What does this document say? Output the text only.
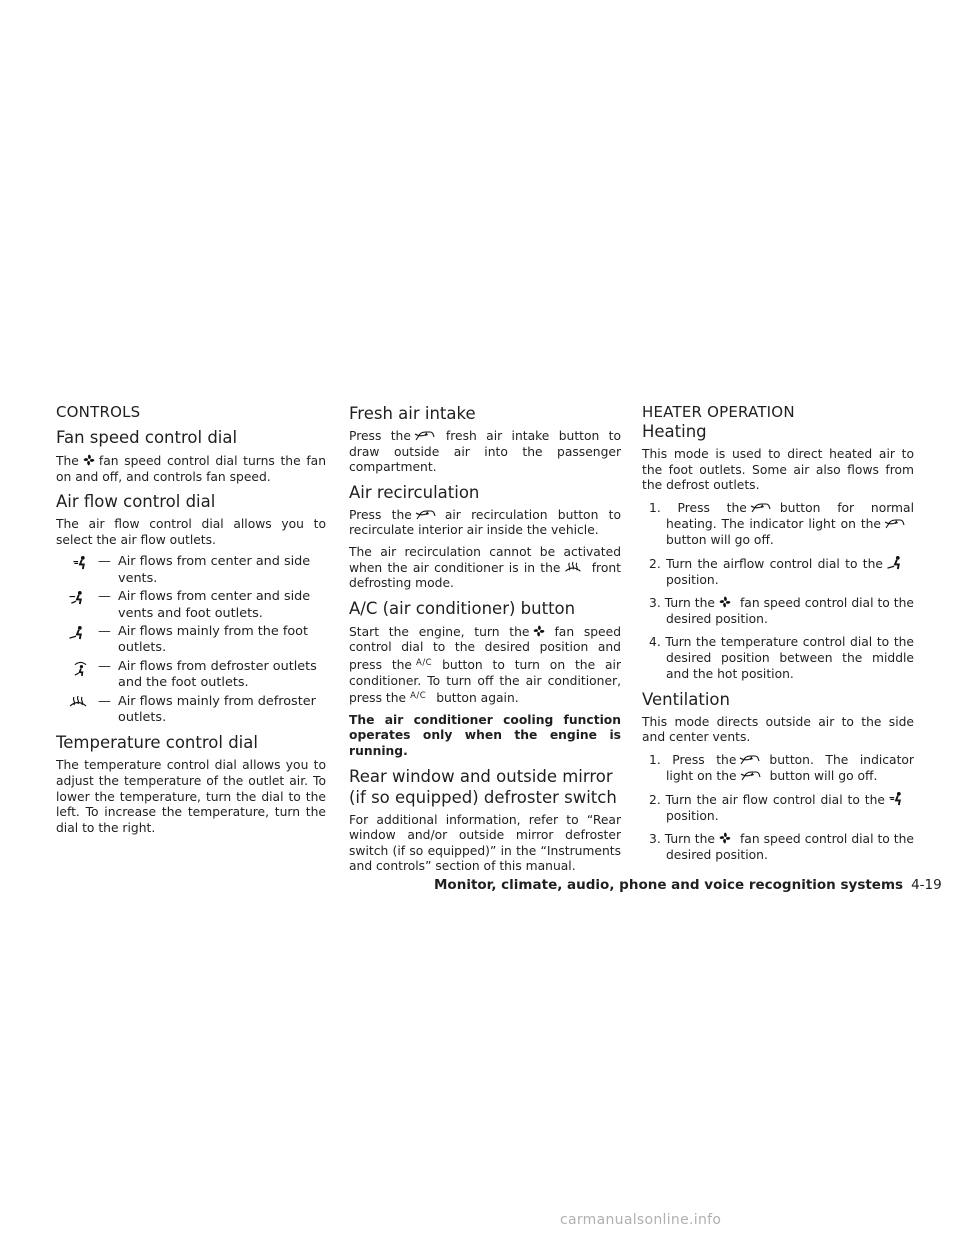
CONTROLS
Fan speed control dial

The fan speed control dial turns the fan on and off, and controls fan speed.

Air flow control dial

The air flow control dial allows you to select the air flow outlets.

— Air flows from center and side vents.
— Air flows from center and side vents and foot outlets.
— Air flows mainly from the foot outlets.
— Air flows from defroster outlets and the foot outlets.
— Air flows mainly from defroster outlets.
Temperature control dial

The temperature control dial allows you to adjust the temperature of the outlet air. To lower the temperature, turn the dial to the left. To increase the temperature, turn the dial to the right.

Fresh air intake

Press the	fresh air intake button to draw outside air into the passenger compartment.

Air recirculation

Press the	air recirculation button to recirculate interior air inside the vehicle.

The air recirculation cannot be activated when the air conditioner is in the	front defrosting mode.

A/C (air conditioner) button

Start the engine, turn the fan speed control dial to the desired position and press the A/C button to turn on the air conditioner. To turn off the air conditioner, press the A/C button again.

The air conditioner cooling function operates only when the engine is running.

Rear window and outside mirror (if so equipped) defroster switch

For additional information, refer to “Rear window and/or outside mirror defroster switch (if so equipped)” in the “Instruments and controls” section of this manual.

HEATER OPERATION
Heating

This mode is used to direct heated air to the foot outlets. Some air also flows from the defrost outlets.

1. Press the	button for normal heating. The indicator light on the
button will go off.
2. Turn the airflow control dial to the
position.
3. Turn the fan speed control dial to the desired position.
4. Turn the temperature control dial to the desired position between the middle and the hot position.
Ventilation

This mode directs outside air to the side and center vents.

1. Press the	button. The indicator light on the	button will go off.
2. Turn the air flow control dial to the
position.
3. Turn the fan speed control dial to the desired position.
Monitor, climate, audio, phone and voice recognition systems 4-19
carmanualsonline.info
